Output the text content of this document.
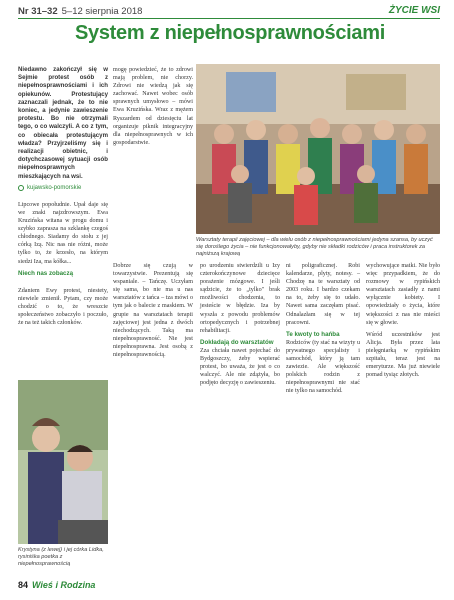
Nr 31–32 5–12 sierpnia 2018	ŻYCIE WSI
System z niepełnosprawnościami

Niedawno zakończył się w Sejmie protest osób z niepełnosprawnościami i ich opiekunów. Protestujący zaznaczali jednak, że to nie koniec, a jedynie zawieszenie protestu. Bo nie otrzymali tego, o co walczyli. A co z tym, co obiecała protestującym władza? Przyjrzeliśmy się i realizacji obietnic, i dotychczasowej sytuacji osób niepełnosprawnych mieszkających na wsi.

kujawsko-pomorskie

Lipcowe popołudnie. Upał daje się we znaki najzdrowszym. Ewa Kruzińska witana w progu domu i szybko zaprasza na szklankę czegoś chłodnego. Siadamy do stołu z jej córką Izą. Nic nas nie różni, może tylko to, że krzesło, na którym siedzi Iza, ma kółka...

Niech nas zobaczą

Zdaniem Ewy protest, niestety, niewiele zmienił. Pytam, czy może chodzić o to, że wreszcie społeczeństwo zobaczyło i poczuło, że na też takich członków.

mogę powiedzieć, że to zdrowi mają problem, nie chorzy. Zdrowi nie wiedzą jak się zachować. Nawet wobec osób sprawnych umysłowo – mówi Ewa Kruzińska. Wraz z mężem Ryszardem od dziesięciu lat organizuje piknik integracyjny dla niepełnosprawnych w ich gospodarstwie.

Warsztaty terapii zajęciowej – dla wielu osób z niepełnosprawnościami jedyna szansa, by uczyć się doroślego życia – nie funkcjonowałyby, gdyby nie składki rodziców i praca instruktorek za najniższą krajową

Krystyna (z lewej) i jej córka Lidka, rysiniśka poetka z niepełnosprawnością

Dobrze się czują w towarzystwie. Prezentują się wspaniale. – Tańczę. Uczyłam się sama, bo nie ma u nas warsztatów z tańca – tza mówi o tym jak o balecie z maskiem. W grupie na warsztatach terapii zajęciowej jest jedna z dwóch niechodzących. Taką ma niepełnosprawność. Nie jest niepełnosprawna. Jest osobą z niepełnosprawnością.

po urodzeniu stwierdzili u Izy czterokończynowe dziecięce porażenie mózgowe. I jeśli sądzicie, że to „tylko" brak możliwości chodzenia, to jesteście w błędzie. Iza by wyszła z powodu problemów ortopedycznych i potrzebnej rehabilitacji.

Dokładają do warsztatów

Zza chciała nawet pojechać do Bydgoszczy, żeby wspierać protest, bo uważa, że jest o co walczyć. Ale nie zdążyła, bo podjęto decyzję o zawieszeniu.

ni poligraficznej. Robi kalendarze, plyty, notesy. – Chodzę na te warsztaty od 2003 roku. I bardzo czekam na to, żeby się to udało. Nawet sama zaczęłam pisać. Odnalazłam się w tej pracowni.

Te kwoty to hańba

Rodziców (ty stać na wizyty u prywatnego specjalisty i samochód, który ją tam zawiezie. Ale większość polskich rodzin z niepełnosprawnymi nie stać nie tylko na samochód.

wychowujące matki. Nie było więc przypadkiem, że do rozmowy w rypińskich warsztatach zasiadły z nami wyłącznie kobiety. I opowiedziały o życia, które większości z nas nie mieści się w głowie.

Wśród uczestników jest Alicja. Była przez lata pielęgniarką w rypińskim szpitalu, teraz jest na emeryturze. Ma już niewiele pomad tysiąc złotych.

84 Wieś i Rodzina
